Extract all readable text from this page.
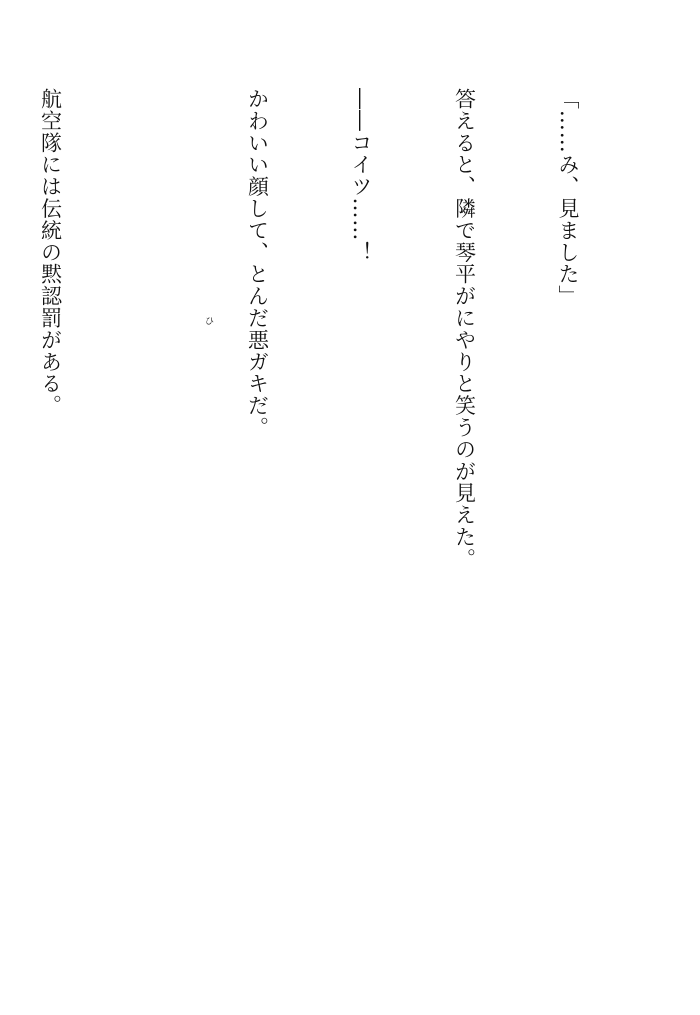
「……み、見ました」

答えると、隣で琴平がにやりと笑うのが見えた。

――コイツ……！

かわいい顔して、とんだ悪ガキだ。

航空隊には伝統の黙認罰がある。

	ひ
